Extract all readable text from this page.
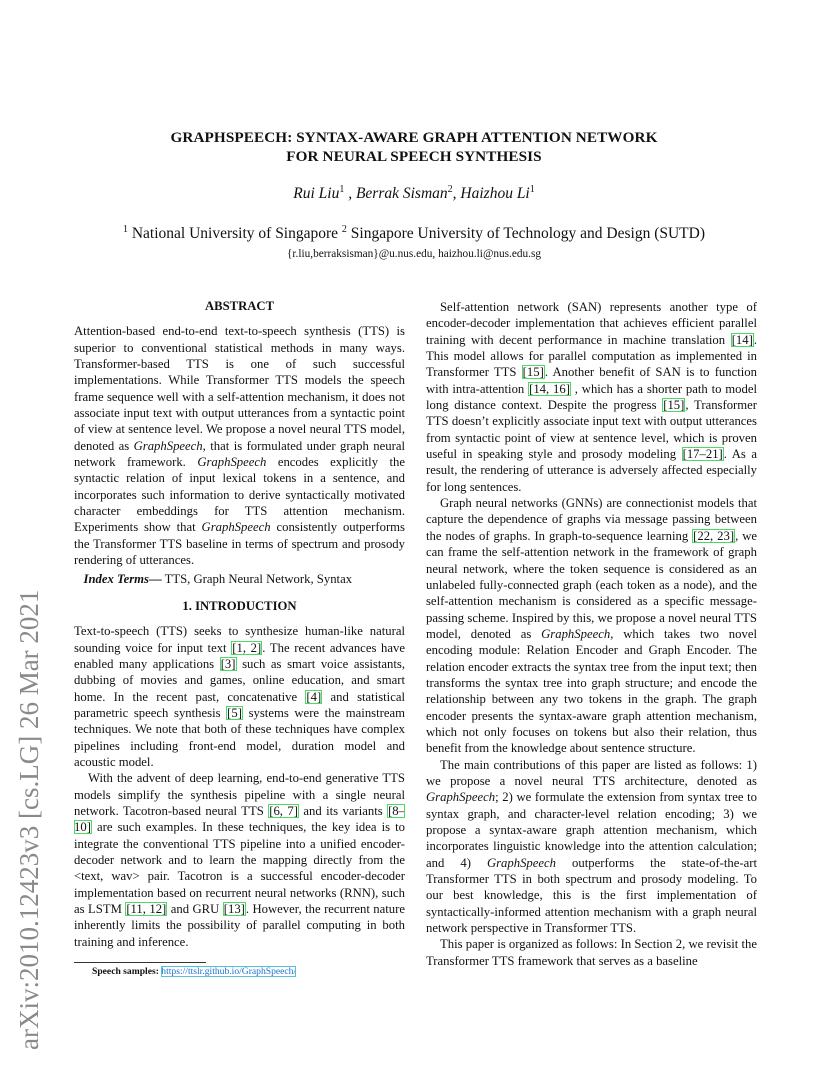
GRAPHSPEECH: SYNTAX-AWARE GRAPH ATTENTION NETWORK
FOR NEURAL SPEECH SYNTHESIS
Rui Liu$^1$ , Berrak Sisman$^2$, Haizhou Li$^1$
$^1$ National University of Singapore $^2$ Singapore University of Technology and Design (SUTD)
{r.liu,berraksisman}@u.nus.edu, haizhou.li@nus.edu.sg
arXiv:2010.12423v3 [cs.LG] 26 Mar 2021

ABSTRACT

Attention-based end-to-end text-to-speech synthesis (TTS) is superior to conventional statistical methods in many ways. Transformer-based TTS is one of such successful implementations. While Transformer TTS models the speech frame sequence well with a self-attention mechanism, it does not associate input text with output utterances from a syntactic point of view at sentence level. We propose a novel neural TTS model, denoted as GraphSpeech, that is formulated under graph neural network framework. GraphSpeech encodes explicitly the syntactic relation of input lexical tokens in a sentence, and incorporates such information to derive syntactically motivated character embeddings for TTS attention mechanism. Experiments show that GraphSpeech consistently outperforms the Transformer TTS baseline in terms of spectrum and prosody rendering of utterances.

Index Terms— TTS, Graph Neural Network, Syntax

1. INTRODUCTION

Text-to-speech (TTS) seeks to synthesize human-like natural sounding voice for input text [1, 2]. The recent advances have enabled many applications [3] such as smart voice assistants, dubbing of movies and games, online education, and smart home. In the recent past, concatenative [4] and statistical parametric speech synthesis [5] systems were the mainstream techniques. We note that both of these techniques have complex pipelines including front-end model, duration model and acoustic model.

With the advent of deep learning, end-to-end generative TTS models simplify the synthesis pipeline with a single neural network. Tacotron-based neural TTS [6, 7] and its variants [8–10] are such examples. In these techniques, the key idea is to integrate the conventional TTS pipeline into a unified encoder-decoder network and to learn the mapping directly from the <text, wav> pair. Tacotron is a successful encoder-decoder implementation based on recurrent neural networks (RNN), such as LSTM [11, 12] and GRU [13]. However, the recurrent nature inherently limits the possibility of parallel computing in both training and inference.

Speech samples: https://ttslr.github.io/GraphSpeech/

Self-attention network (SAN) represents another type of encoder-decoder implementation that achieves efficient parallel training with decent performance in machine translation [14]. This model allows for parallel computation as implemented in Transformer TTS [15]. Another benefit of SAN is to function with intra-attention [14, 16] , which has a shorter path to model long distance context. Despite the progress [15], Transformer TTS doesn’t explicitly associate input text with output utterances from syntactic point of view at sentence level, which is proven useful in speaking style and prosody modeling [17–21]. As a result, the rendering of utterance is adversely affected especially for long sentences.

Graph neural networks (GNNs) are connectionist models that capture the dependence of graphs via message passing between the nodes of graphs. In graph-to-sequence learning [22, 23], we can frame the self-attention network in the framework of graph neural network, where the token sequence is considered as an unlabeled fully-connected graph (each token as a node), and the self-attention mechanism is considered as a specific message-passing scheme. Inspired by this, we propose a novel neural TTS model, denoted as GraphSpeech, which takes two novel encoding module: Relation Encoder and Graph Encoder. The relation encoder extracts the syntax tree from the input text; then transforms the syntax tree into graph structure; and encode the relationship between any two tokens in the graph. The graph encoder presents the syntax-aware graph attention mechanism, which not only focuses on tokens but also their relation, thus benefit from the knowledge about sentence structure.

The main contributions of this paper are listed as follows: 1) we propose a novel neural TTS architecture, denoted as GraphSpeech; 2) we formulate the extension from syntax tree to syntax graph, and character-level relation encoding; 3) we propose a syntax-aware graph attention mechanism, which incorporates linguistic knowledge into the attention calculation; and 4) GraphSpeech outperforms the state-of-the-art Transformer TTS in both spectrum and prosody modeling. To our best knowledge, this is the first implementation of syntactically-informed attention mechanism with a graph neural network perspective in Transformer TTS.

This paper is organized as follows: In Section 2, we revisit the Transformer TTS framework that serves as a baseline
